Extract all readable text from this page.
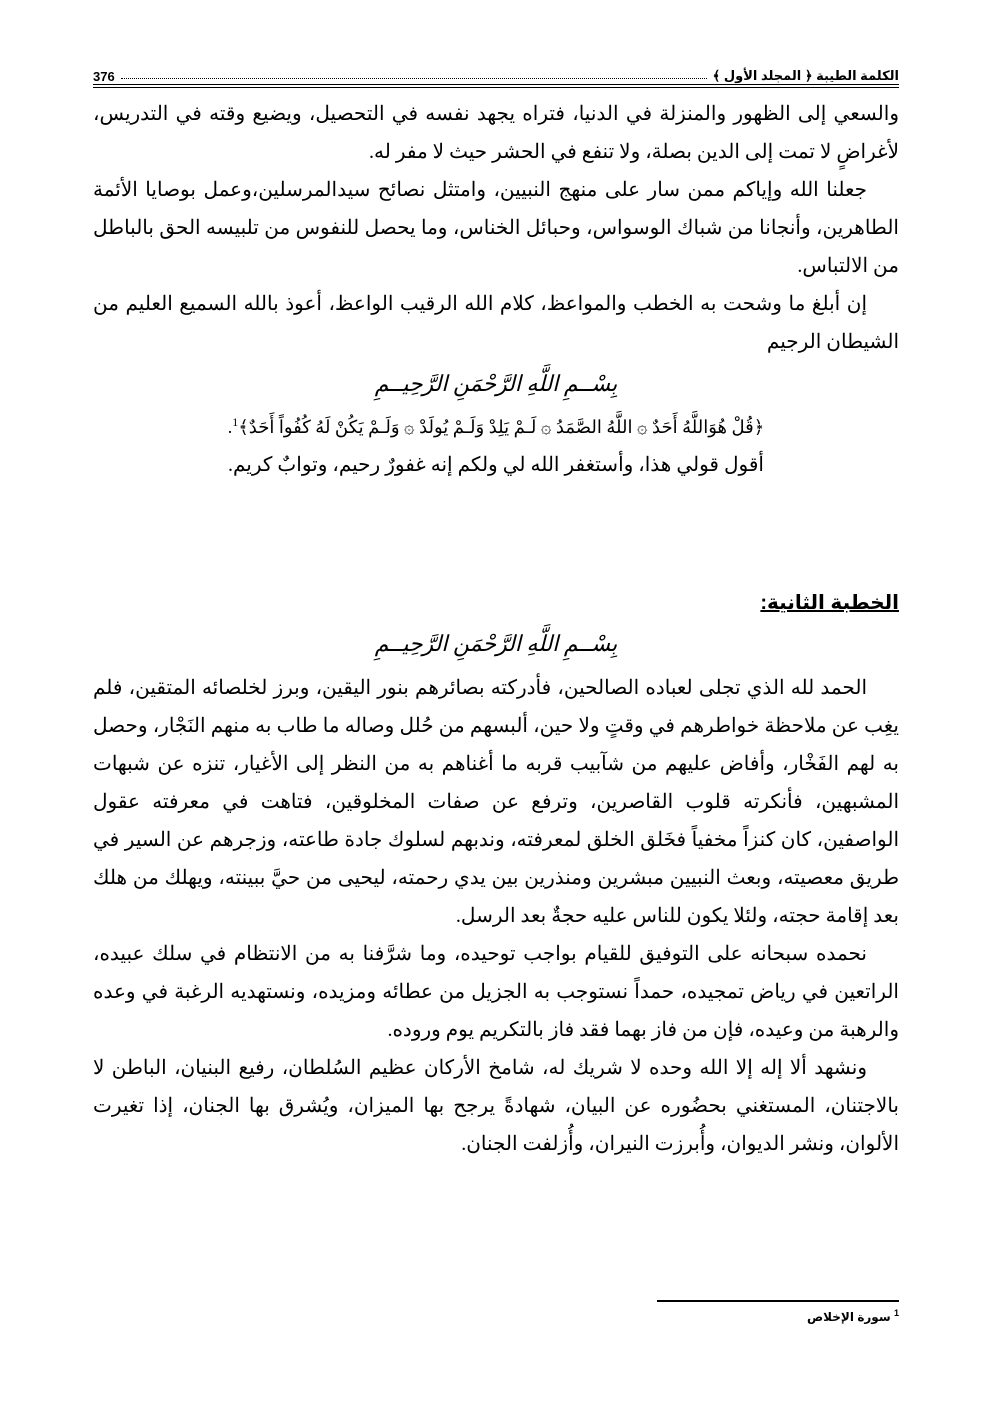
الكلمة الطيبة ﴿ المجلد الأول ﴾
376

والسعي إلى الظهور والمنزلة في الدنيا، فتراه يجهد نفسه في التحصيل، ويضيع وقته في التدريس، لأغراضٍ لا تمت إلى الدين بصلة، ولا تنفع في الحشر حيث لا مفر له.

جعلنا الله وإياكم ممن سار على منهج النبيين، وامتثل نصائح سيدالمرسلين،وعمل بوصايا الأئمة الطاهرين، وأنجانا من شباك الوسواس، وحبائل الخناس، وما يحصل للنفوس من تلبيسه الحق بالباطل من الالتباس.

إن أبلغ ما وشحت به الخطب والمواعظ، كلام الله الرقيب الواعظ، أعوذ بالله السميع العليم من الشيطان الرجيم

بِسْــمِ اللَّهِ الرَّحْمَنِ الرَّحِيــمِ

﴿قُلْ هُوَاللَّهُ أَحَدٌ ۞ اللَّهُ الصَّمَدُ ۞ لَـمْ يَلِدْ وَلَـمْ يُولَدْ ۞ وَلَـمْ يَكُنْ لَهُ كُفُواً أَحَدٌ﴾$^1$.

أقول قولي هذا، وأستغفر الله لي ولكم إنه غفورٌ رحيم، وتوابٌ كريم.

الخطبة الثانية:

بِسْــمِ اللَّهِ الرَّحْمَنِ الرَّحِيــمِ

الحمد لله الذي تجلى لعباده الصالحين، فأدركته بصائرهم بنور اليقين، وبرز لخلصائه المتقين، فلم يغِب عن ملاحظة خواطرهم في وقتٍ ولا حين، ألبسهم من حُلل وصاله ما طاب به منهم النَجْار، وحصل به لهم الفَخْار، وأفاض عليهم من شآبيب قربه ما أغناهم به من النظر إلى الأغيار، تنزه عن شبهات المشبهين، فأنكرته قلوب القاصرين، وترفع عن صفات المخلوقين، فتاهت في معرفته عقول الواصفين، كان كنزاً مخفياً فخَلق الخلق لمعرفته، وندبهم لسلوك جادة طاعته، وزجرهم عن السير في طريق معصيته، وبعث النبيين مبشرين ومنذرين بين يدي رحمته، ليحيى من حيَّ ببينته، ويهلك من هلك بعد إقامة حجته، ولئلا يكون للناس عليه حجةٌ بعد الرسل.

نحمده سبحانه على التوفيق للقيام بواجب توحيده، وما شرَّفنا به من الانتظام في سلك عبيده، الراتعين في رياض تمجيده، حمداً نستوجب به الجزيل من عطائه ومزيده، ونستهديه الرغبة في وعده والرهبة من وعيده، فإن من فاز بهما فقد فاز بالتكريم يوم وروده.

ونشهد ألا إله إلا الله وحده لا شريك له، شامخ الأركان عظيم السُلطان، رفيع البنيان، الباطن لا بالاجتنان، المستغني بحضُوره عن البيان، شهادةً يرجح بها الميزان، ويُشرق بها الجنان، إذا تغيرت الألوان، ونشر الديوان، وأُبرزت النيران، وأُزلفت الجنان.

$^1$ سورة الإخلاص
